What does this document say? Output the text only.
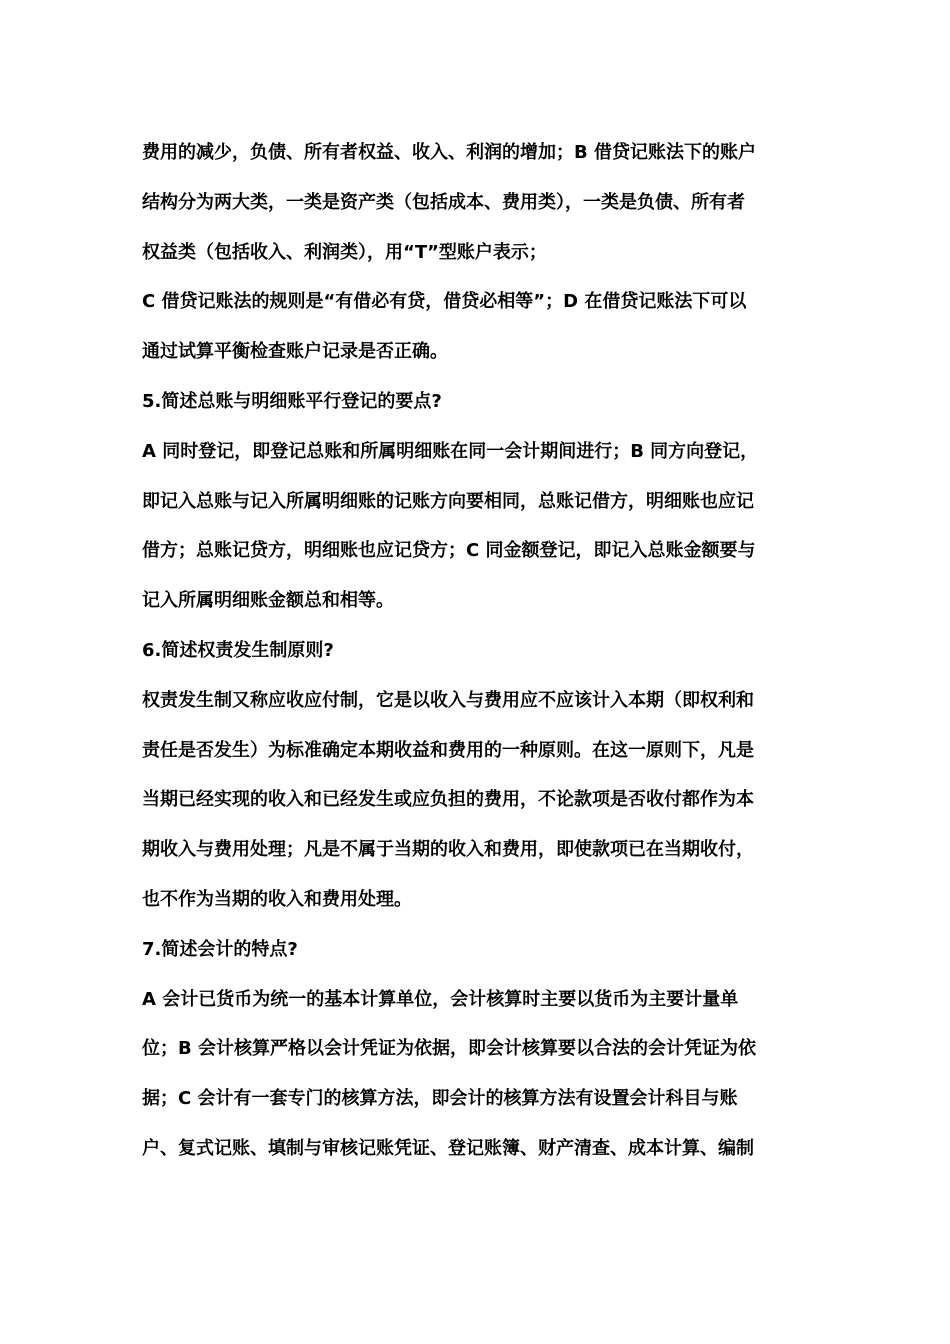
费用的减少，负债、所有者权益、收入、利润的增加；B 借贷记账法下的账户
结构分为两大类，一类是资产类（包括成本、费用类），一类是负债、所有者
权益类（包括收入、利润类），用“T”型账户表示；
C 借贷记账法的规则是“有借必有贷，借贷必相等”；D 在借贷记账法下可以
通过试算平衡检查账户记录是否正确。
5.简述总账与明细账平行登记的要点?
A 同时登记，即登记总账和所属明细账在同一会计期间进行；B 同方向登记，
即记入总账与记入所属明细账的记账方向要相同，总账记借方，明细账也应记
借方；总账记贷方，明细账也应记贷方；C 同金额登记，即记入总账金额要与
记入所属明细账金额总和相等。
6.简述权责发生制原则?
权责发生制又称应收应付制，它是以收入与费用应不应该计入本期（即权利和
责任是否发生）为标准确定本期收益和费用的一种原则。在这一原则下，凡是
当期已经实现的收入和已经发生或应负担的费用，不论款项是否收付都作为本
期收入与费用处理；凡是不属于当期的收入和费用，即使款项已在当期收付，
也不作为当期的收入和费用处理。
7.简述会计的特点?
A 会计已货币为统一的基本计算单位，会计核算时主要以货币为主要计量单
位；B 会计核算严格以会计凭证为依据，即会计核算要以合法的会计凭证为依
据；C 会计有一套专门的核算方法，即会计的核算方法有设置会计科目与账
户、复式记账、填制与审核记账凭证、登记账簿、财产清查、成本计算、编制
